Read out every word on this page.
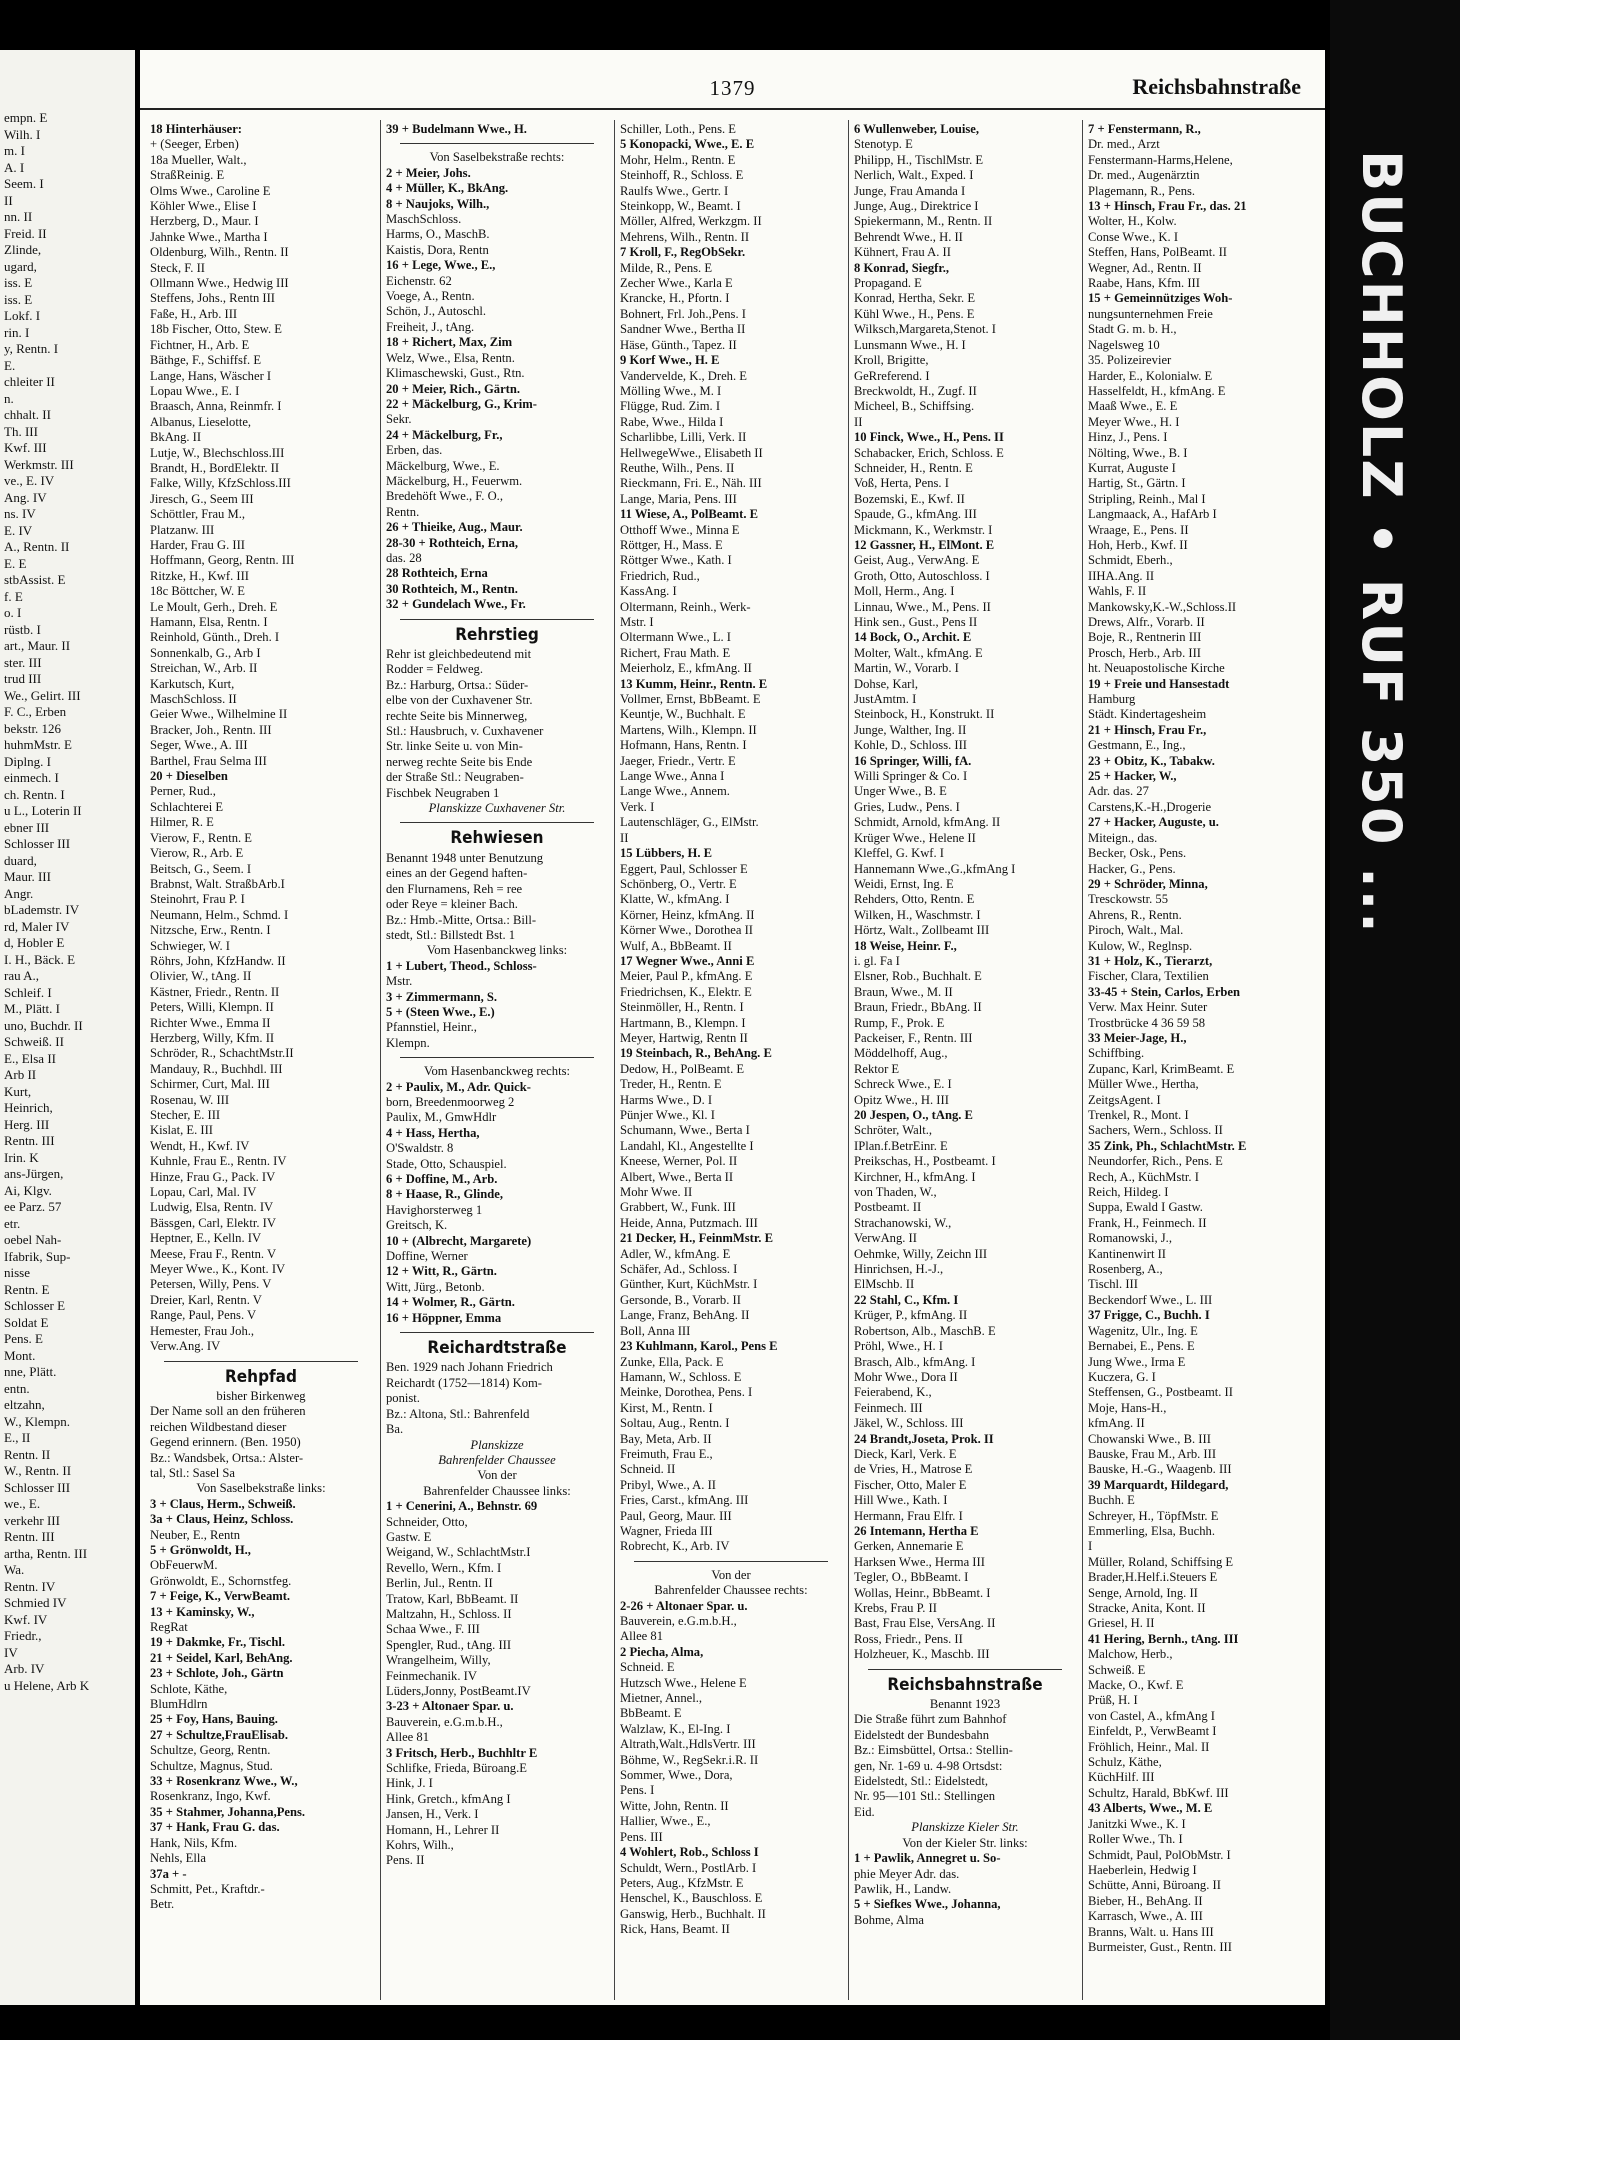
empn. E
Wilh. I
m. I
A. I
Seem. I
II
nn. II
Freid. II
Zlinde,
ugard,
iss. E
iss. E
Lokf. I
rin. I
y, Rentn. I
E.
chleiter II
n.
chhalt. II
Th. III
Kwf. III
Werkmstr. III
ve., E. IV
Ang. IV
ns. IV
E. IV
A., Rentn. II
E. E
stbAssist. E
f. E
o. I
rüstb. I
art., Maur. II
ster. III
trud III
We., Gelirt. III
F. C., Erben
bekstr. 126
huhmMstr. E
Diplng. I
einmech. I
ch. Rentn. I
u L., Loterin II
ebner III
Schlosser III
duard,
Maur. III
Angr.
bLademstr. IV
rd, Maler IV
d, Hobler E
I. H., Bäck. E
rau A.,
Schleif. I
M., Plätt. I
uno, Buchdr. II
Schweiß. II
E., Elsa II
Arb II
Kurt,
Heinrich,
Herg. III
Rentn. III
Irin. K
ans-Jürgen,
Ai, Klgv.
ee Parz. 57
etr.
oebel Nah-
Ifabrik, Sup-
nisse
Rentn. E
Schlosser E
Soldat E
Pens. E
Mont.
nne, Plätt.
entn.
eltzahn,
W., Klempn.
E., II
Rentn. II
W., Rentn. II
Schlosser III
we., E.
verkehr III
Rentn. III
artha, Rentn. III
Wa.
Rentn. IV
Schmied IV
Kwf. IV
Friedr.,
IV
Arb. IV
u Helene, Arb K
1379	Reichsbahnstraße

18 Hinterhäuser:

+ (Seeger, Erben)

18a Mueller, Walt.,

StraßReinig. E

Olms Wwe., Caroline E

Köhler Wwe., Elise I

Herzberg, D., Maur. I

Jahnke Wwe., Martha I

Oldenburg, Wilh., Rentn. II

Steck, F. II

Ollmann Wwe., Hedwig III

Steffens, Johs., Rentn III

Faße, H., Arb. III

18b Fischer, Otto, Stew. E

Fichtner, H., Arb. E

Bäthge, F., Schiffsf. E

Lange, Hans, Wäscher I

Lopau Wwe., E. I

Braasch, Anna, Reinmfr. I

Albanus, Lieselotte,

BkAng. II

Lutje, W., Blechschloss.III

Brandt, H., BordElektr. II

Falke, Willy, KfzSchloss.III

Jiresch, G., Seem III

Schöttler, Frau M.,

Platzanw. III

Harder, Frau G. III

Hoffmann, Georg, Rentn. III

Ritzke, H., Kwf. III

18c Böttcher, W. E

Le Moult, Gerh., Dreh. E

Hamann, Elsa, Rentn. I

Reinhold, Günth., Dreh. I

Sonnenkalb, G., Arb I

Streichan, W., Arb. II

Karkutsch, Kurt,

MaschSchloss. II

Geier Wwe., Wilhelmine II

Bracker, Joh., Rentn. III

Seger, Wwe., A. III

Barthel, Frau Selma III

20 + Dieselben

Perner, Rud.,

Schlachterei E

Hilmer, R. E

Vierow, F., Rentn. E

Vierow, R., Arb. E

Beitsch, G., Seem. I

Brabnst, Walt. StraßbArb.I

Steinohrt, Frau P. I

Neumann, Helm., Schmd. I

Nitzsche, Erw., Rentn. I

Schwieger, W. I

Röhrs, John, KfzHandw. II

Olivier, W., tAng. II

Kästner, Friedr., Rentn. II

Peters, Willi, Klempn. II

Richter Wwe., Emma II

Herzberg, Willy, Kfm. II

Schröder, R., SchachtMstr.II

Mandauy, R., Buchhdl. III

Schirmer, Curt, Mal. III

Rosenau, W. III

Stecher, E. III

Kislat, E. III

Wendt, H., Kwf. IV

Kuhnle, Frau E., Rentn. IV

Hinze, Frau G., Pack. IV

Lopau, Carl, Mal. IV

Ludwig, Elsa, Rentn. IV

Bässgen, Carl, Elektr. IV

Heptner, E., Kelln. IV

Meese, Frau F., Rentn. V

Meyer Wwe., K., Kont. IV

Petersen, Willy, Pens. V

Dreier, Karl, Rentn. V

Range, Paul, Pens. V

Hemester, Frau Joh.,

Verw.Ang. IV

Rehpfad

bisher Birkenweg

Der Name soll an den früheren

reichen Wildbestand dieser

Gegend erinnern. (Ben. 1950)

Bz.: Wandsbek, Ortsa.: Alster-

tal, Stl.: Sasel Sa

Von Saselbekstraße links:

3 + Claus, Herm., Schweiß.

3a + Claus, Heinz, Schloss.

Neuber, E., Rentn

5 + Grönwoldt, H.,

ObFeuerwM.

Grönwoldt, E., Schornstfeg.

7 + Feige, K., VerwBeamt.

13 + Kaminsky, W.,

RegRat

19 + Dakmke, Fr., Tischl.

21 + Seidel, Karl, BehAng.

23 + Schlote, Joh., Gärtn

Schlote, Käthe,

BlumHdlrn

25 + Foy, Hans, Bauing.

27 + Schultze,FrauElisab.

Schultze, Georg, Rentn.

Schultze, Magnus, Stud.

33 + Rosenkranz Wwe., W.,

Rosenkranz, Ingo, Kwf.

35 + Stahmer, Johanna,Pens.

37 + Hank, Frau G. das.

Hank, Nils, Kfm.

Nehls, Ella

37a + -

Schmitt, Pet., Kraftdr.-

Betr.

39 + Budelmann Wwe., H.

Von Saselbekstraße rechts:

2 + Meier, Johs.

4 + Müller, K., BkAng.

8 + Naujoks, Wilh.,

MaschSchloss.

Harms, O., MaschB.

Kaistis, Dora, Rentn

16 + Lege, Wwe., E.,

Eichenstr. 62

Voege, A., Rentn.

Schön, J., Autoschl.

Freiheit, J., tAng.

18 + Richert, Max, Zim

Welz, Wwe., Elsa, Rentn.

Klimaschewski, Gust., Rtn.

20 + Meier, Rich., Gärtn.

22 + Mäckelburg, G., Krim-

Sekr.

24 + Mäckelburg, Fr.,

Erben, das.

Mäckelburg, Wwe., E.

Mäckelburg, H., Feuerwm.

Bredehöft Wwe., F. O.,

Rentn.

26 + Thieike, Aug., Maur.

28-30 + Rothteich, Erna,

das. 28

28 Rothteich, Erna

30 Rothteich, M., Rentn.

32 + Gundelach Wwe., Fr.

Rehrstieg

Rehr ist gleichbedeutend mit

Rodder = Feldweg.

Bz.: Harburg, Ortsa.: Süder-

elbe von der Cuxhavener Str.

rechte Seite bis Minnerweg,

Stl.: Hausbruch, v. Cuxhavener

Str. linke Seite u. von Min-

nerweg rechte Seite bis Ende

der Straße Stl.: Neugraben-

Fischbek Neugraben 1

Planskizze Cuxhavener Str.

Rehwiesen

Benannt 1948 unter Benutzung

eines an der Gegend haften-

den Flurnamens, Reh = ree

oder Reye = kleiner Bach.

Bz.: Hmb.-Mitte, Ortsa.: Bill-

stedt, Stl.: Billstedt Bst. 1

Vom Hasenbanckweg links:

1 + Lubert, Theod., Schloss-

Mstr.

3 + Zimmermann, S.

5 + (Steen Wwe., E.)

Pfannstiel, Heinr.,

Klempn.

Vom Hasenbanckweg rechts:

2 + Paulix, M., Adr. Quick-

born, Breedenmoorweg 2

Paulix, M., GmwHdlr

4 + Hass, Hertha,

O'Swaldstr. 8

Stade, Otto, Schauspiel.

6 + Doffine, M., Arb.

8 + Haase, R., Glinde,

Havighorsterweg 1

Greitsch, K.

10 + (Albrecht, Margarete)

Doffine, Werner

12 + Witt, R., Gärtn.

Witt, Jürg., Betonb.

14 + Wolmer, R., Gärtn.

16 + Höppner, Emma

Reichardtstraße

Ben. 1929 nach Johann Friedrich

Reichardt (1752—1814) Kom-

ponist.

Bz.: Altona, Stl.: Bahrenfeld

Ba.

Planskizze

Bahrenfelder Chaussee

Von der

Bahrenfelder Chaussee links:

1 + Cenerini, A., Behnstr. 69

Schneider, Otto,

Gastw. E

Weigand, W., SchlachtMstr.I

Revello, Wern., Kfm. I

Berlin, Jul., Rentn. II

Tratow, Karl, BbBeamt. II

Maltzahn, H., Schloss. II

Schaa Wwe., F. III

Spengler, Rud., tAng. III

Wrangelheim, Willy,

Feinmechanik. IV

Lüders,Jonny, PostBeamt.IV

3-23 + Altonaer Spar. u.

Bauverein, e.G.m.b.H.,

Allee 81

3 Fritsch, Herb., Buchhltr E

Schlifke, Frieda, Büroang.E

Hink, J. I

Hink, Gretch., kfmAng I

Jansen, H., Verk. I

Homann, H., Lehrer II

Kohrs, Wilh.,

Pens. II

Schiller, Loth., Pens. E

5 Konopacki, Wwe., E. E

Mohr, Helm., Rentn. E

Steinhoff, R., Schloss. E

Raulfs Wwe., Gertr. I

Steinkopp, W., Beamt. I

Möller, Alfred, Werkzgm. II

Mehrens, Wilh., Rentn. II

7 Kroll, F., RegObSekr.

Milde, R., Pens. E

Zecher Wwe., Karla E

Krancke, H., Pfortn. I

Bohnert, Frl. Joh.,Pens. I

Sandner Wwe., Bertha II

Häse, Günth., Tapez. II

9 Korf Wwe., H. E

Vandervelde, K., Dreh. E

Mölling Wwe., M. I

Flügge, Rud. Zim. I

Rabe, Wwe., Hilda I

Scharlibbe, Lilli, Verk. II

HellwegeWwe., Elisabeth II

Reuthe, Wilh., Pens. II

Rieckmann, Fri. E., Näh. III

Lange, Maria, Pens. III

11 Wiese, A., PolBeamt. E

Otthoff Wwe., Minna E

Röttger, H., Mass. E

Röttger Wwe., Kath. I

Friedrich, Rud.,

KassAng. I

Oltermann, Reinh., Werk-

Mstr. I

Oltermann Wwe., L. I

Richert, Frau Math. E

Meierholz, E., kfmAng. II

13 Kumm, Heinr., Rentn. E

Vollmer, Ernst, BbBeamt. E

Keuntje, W., Buchhalt. E

Martens, Wilh., Klempn. II

Hofmann, Hans, Rentn. I

Jaeger, Friedr., Vertr. E

Lange Wwe., Anna I

Lange Wwe., Annem.

Verk. I

Lautenschläger, G., ElMstr.

II

15 Lübbers, H. E

Eggert, Paul, Schlosser E

Schönberg, O., Vertr. E

Klatte, W., kfmAng. I

Körner, Heinz, kfmAng. II

Körner Wwe., Dorothea II

Wulf, A., BbBeamt. II

17 Wegner Wwe., Anni E

Meier, Paul P., kfmAng. E

Friedrichsen, K., Elektr. E

Steinmöller, H., Rentn. I

Hartmann, B., Klempn. I

Meyer, Hartwig, Rentn II

19 Steinbach, R., BehAng. E

Dedow, H., PolBeamt. E

Treder, H., Rentn. E

Harms Wwe., D. I

Pünjer Wwe., Kl. I

Schumann, Wwe., Berta I

Landahl, Kl., Angestellte I

Kneese, Werner, Pol. II

Albert, Wwe., Berta II

Mohr Wwe. II

Grabbert, W., Funk. III

Heide, Anna, Putzmach. III

21 Decker, H., FeinmMstr. E

Adler, W., kfmAng. E

Schäfer, Ad., Schloss. I

Günther, Kurt, KüchMstr. I

Gersonde, B., Vorarb. II

Lange, Franz, BehAng. II

Boll, Anna III

23 Kuhlmann, Karol., Pens E

Zunke, Ella, Pack. E

Hamann, W., Schloss. E

Meinke, Dorothea, Pens. I

Kirst, M., Rentn. I

Soltau, Aug., Rentn. I

Bay, Meta, Arb. II

Freimuth, Frau E.,

Schneid. II

Pribyl, Wwe., A. II

Fries, Carst., kfmAng. III

Paul, Georg, Maur. III

Wagner, Frieda III

Robrecht, K., Arb. IV

Von der

Bahrenfelder Chaussee rechts:

2-26 + Altonaer Spar. u.

Bauverein, e.G.m.b.H.,

Allee 81

2 Piecha, Alma,

Schneid. E

Hutzsch Wwe., Helene E

Mietner, Annel.,

BbBeamt. E

Walzlaw, K., El-Ing. I

Altrath,Walt.,HdlsVertr. III

Böhme, W., RegSekr.i.R. II

Sommer, Wwe., Dora,

Pens. I

Witte, John, Rentn. II

Hallier, Wwe., E.,

Pens. III

4 Wohlert, Rob., Schloss I

Schuldt, Wern., PostlArb. I

Peters, Aug., KfzMstr. E

Henschel, K., Bauschloss. E

Ganswig, Herb., Buchhalt. II

Rick, Hans, Beamt. II

6 Wullenweber, Louise,

Stenotyp. E

Philipp, H., TischlMstr. E

Nerlich, Walt., Exped. I

Junge, Frau Amanda I

Junge, Aug., Direktrice I

Spiekermann, M., Rentn. II

Behrendt Wwe., H. II

Kühnert, Frau A. II

8 Konrad, Siegfr.,

Propagand. E

Konrad, Hertha, Sekr. E

Kühl Wwe., H., Pens. E

Wilksch,Margareta,Stenot. I

Lunsmann Wwe., H. I

Kroll, Brigitte,

GeRreferend. I

Breckwoldt, H., Zugf. II

Micheel, B., Schiffsing.

II

10 Finck, Wwe., H., Pens. II

Schabacker, Erich, Schloss. E

Schneider, H., Rentn. E

Voß, Herta, Pens. I

Bozemski, E., Kwf. II

Spaude, G., kfmAng. III

Mickmann, K., Werkmstr. I

12 Gassner, H., ElMont. E

Geist, Aug., VerwAng. E

Groth, Otto, Autoschloss. I

Moll, Herm., Ang. I

Linnau, Wwe., M., Pens. II

Hink sen., Gust., Pens II

14 Bock, O., Archit. E

Molter, Walt., kfmAng. E

Martin, W., Vorarb. I

Dohse, Karl,

JustAmtm. I

Steinbock, H., Konstrukt. II

Junge, Walther, Ing. II

Kohle, D., Schloss. III

16 Springer, Willi, fA.

Willi Springer & Co. I

Unger Wwe., B. E

Gries, Ludw., Pens. I

Schmidt, Arnold, kfmAng. II

Krüger Wwe., Helene II

Kleffel, G. Kwf. I

Hannemann Wwe.,G.,kfmAng I

Weidi, Ernst, Ing. E

Rehders, Otto, Rentn. E

Wilken, H., Waschmstr. I

Hörtz, Walt., Zollbeamt III

18 Weise, Heinr. F.,

i. gl. Fa I

Elsner, Rob., Buchhalt. E

Braun, Wwe., M. II

Braun, Friedr., BbAng. II

Rump, F., Prok. E

Packeiser, F., Rentn. III

Möddelhoff, Aug.,

Rektor E

Schreck Wwe., E. I

Opitz Wwe., H. III

20 Jespen, O., tAng. E

Schröter, Walt.,

IPlan.f.BetrEinr. E

Preikschas, H., Postbeamt. I

Kirchner, H., kfmAng. I

von Thaden, W.,

Postbeamt. II

Strachanowski, W.,

VerwAng. II

Oehmke, Willy, Zeichn III

Hinrichsen, H.-J.,

ElMschb. II

22 Stahl, C., Kfm. I

Krüger, P., kfmAng. II

Robertson, Alb., MaschB. E

Pröhl, Wwe., H. I

Brasch, Alb., kfmAng. I

Mohr Wwe., Dora II

Feierabend, K.,

Feinmech. III

Jäkel, W., Schloss. III

24 Brandt,Joseta, Prok. II

Dieck, Karl, Verk. E

de Vries, H., Matrose E

Fischer, Otto, Maler E

Hill Wwe., Kath. I

Hermann, Frau Elfr. I

26 Intemann, Hertha E

Gerken, Annemarie E

Harksen Wwe., Herma III

Tegler, O., BbBeamt. I

Wollas, Heinr., BbBeamt. I

Krebs, Frau P. II

Bast, Frau Else, VersAng. II

Ross, Friedr., Pens. II

Holzheuer, K., Maschb. III

Reichsbahnstraße

Benannt 1923

Die Straße führt zum Bahnhof

Eidelstedt der Bundesbahn

Bz.: Eimsbüttel, Ortsa.: Stellin-

gen, Nr. 1-69 u. 4-98 Ortsdst:

Eidelstedt, Stl.: Eidelstedt,

Nr. 95—101 Stl.: Stellingen

Eid.

Planskizze Kieler Str.

Von der Kieler Str. links:

1 + Pawlik, Annegret u. So-

phie Meyer Adr. das.

Pawlik, H., Landw.

5 + Siefkes Wwe., Johanna,

Bohme, Alma

7 + Fenstermann, R.,

Dr. med., Arzt

Fenstermann-Harms,Helene,

Dr. med., Augenärztin

Plagemann, R., Pens.

13 + Hinsch, Frau Fr., das. 21

Wolter, H., Kolw.

Conse Wwe., K. I

Steffen, Hans, PolBeamt. II

Wegner, Ad., Rentn. II

Raabe, Hans, Kfm. III

15 + Gemeinnütziges Woh-

nungsunternehmen Freie

Stadt G. m. b. H.,

Nagelsweg 10

35. Polizeirevier

Harder, E., Kolonialw. E

Hasselfeldt, H., kfmAng. E

Maaß Wwe., E. E

Meyer Wwe., H. I

Hinz, J., Pens. I

Nölting, Wwe., B. I

Kurrat, Auguste I

Hartig, St., Gärtn. I

Stripling, Reinh., Mal I

Langmaack, A., HafArb I

Wraage, E., Pens. II

Hoh, Herb., Kwf. II

Schmidt, Eberh.,

IIHA.Ang. II

Wahls, F. II

Mankowsky,K.-W.,Schloss.II

Drews, Alfr., Vorarb. II

Boje, R., Rentnerin III

Prosch, Herb., Arb. III

ht. Neuapostolische Kirche

19 + Freie und Hansestadt

Hamburg

Städt. Kindertagesheim

21 + Hinsch, Frau Fr.,

Gestmann, E., Ing.,

23 + Obitz, K., Tabakw.

25 + Hacker, W.,

Adr. das. 27

Carstens,K.-H.,Drogerie

27 + Hacker, Auguste, u.

Miteign., das.

Becker, Osk., Pens.

Hacker, G., Pens.

29 + Schröder, Minna,

Tresckowstr. 55

Ahrens, R., Rentn.

Piroch, Walt., Mal.

Kulow, W., Reglnsp.

31 + Holz, K., Tierarzt,

Fischer, Clara, Textilien

33-45 + Stein, Carlos, Erben

Verw. Max Heinr. Suter

Trostbrücke 4 36 59 58

33 Meier-Jage, H.,

Schiffbing.

Zupanc, Karl, KrimBeamt. E

Müller Wwe., Hertha,

ZeitgsAgent. I

Trenkel, R., Mont. I

Sachers, Wern., Schloss. II

35 Zink, Ph., SchlachtMstr. E

Neundorfer, Rich., Pens. E

Rech, A., KüchMstr. I

Reich, Hildeg. I

Suppa, Ewald I Gastw.

Frank, H., Feinmech. II

Romanowski, J.,

Kantinenwirt II

Rosenberg, A.,

Tischl. III

Beckendorf Wwe., L. III

37 Frigge, C., Buchh. I

Wagenitz, Ulr., Ing. E

Bernabei, E., Pens. E

Jung Wwe., Irma E

Kuczera, G. I

Steffensen, G., Postbeamt. II

Moje, Hans-H.,

kfmAng. II

Chowanski Wwe., B. III

Bauske, Frau M., Arb. III

Bauske, H.-G., Waagenb. III

39 Marquardt, Hildegard,

Buchh. E

Schreyer, H., TöpfMstr. E

Emmerling, Elsa, Buchh.

I

Müller, Roland, Schiffsing E

Brader,H.Helf.i.Steuers E

Senge, Arnold, Ing. II

Stracke, Anita, Kont. II

Griesel, H. II

41 Hering, Bernh., tAng. III

Malchow, Herb.,

Schweiß. E

Macke, O., Kwf. E

Prüß, H. I

von Castel, A., kfmAng I

Einfeldt, P., VerwBeamt I

Fröhlich, Heinr., Mal. II

Schulz, Käthe,

KüchHilf. III

Schultz, Harald, BbKwf. III

43 Alberts, Wwe., M. E

Janitzki Wwe., K. I

Roller Wwe., Th. I

Schmidt, Paul, PolObMstr. I

Haeberlein, Hedwig I

Schütte, Anni, Büroang. II

Bieber, H., BehAng. II

Karrasch, Wwe., A. III

Branns, Walt. u. Hans III

Burmeister, Gust., Rentn. III

BUCHHOLZ • RUF 350 ...
